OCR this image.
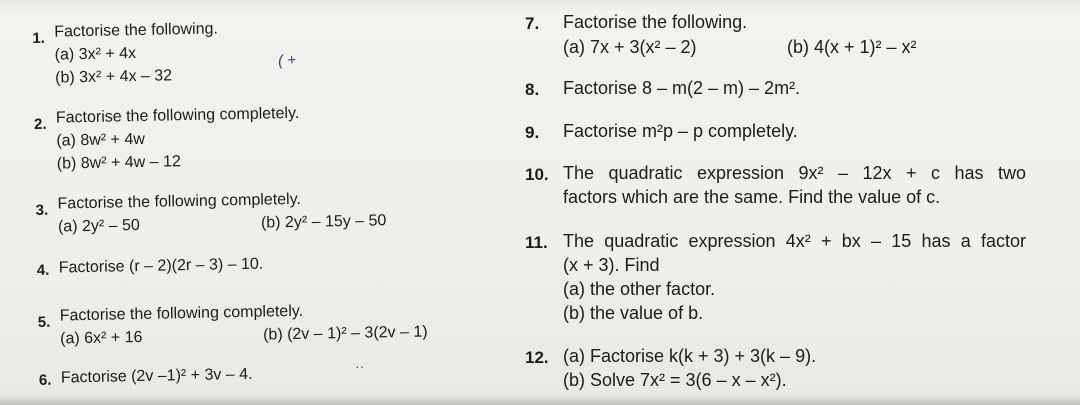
1. Factorise the following.
(a) 3x² + 4x
(b) 3x² + 4x – 32
2. Factorise the following completely.
(a) 8w² + 4w
(b) 8w² + 4w – 12
3. Factorise the following completely.
(a) 2y² – 50	(b) 2y² – 15y – 50
4. Factorise (r – 2)(2r – 3) – 10.
5. Factorise the following completely.
(a) 6x² + 16	(b) (2v – 1)² – 3(2v – 1)
6. Factorise (2v –1)² + 3v – 4.
( +
··
7. Factorise the following.
(a) 7x + 3(x² – 2)	(b) 4(x + 1)² – x²
8. Factorise 8 – m(2 – m) – 2m².
9. Factorise m²p – p completely.
10. The quadratic expression 9x² – 12x + c has two
factors which are the same. Find the value of c.
11. The quadratic expression 4x² + bx – 15 has a factor
(x + 3). Find
(a) the other factor.
(b) the value of b.
12. (a) Factorise k(k + 3) + 3(k – 9).
(b) Solve 7x² = 3(6 – x – x²).
